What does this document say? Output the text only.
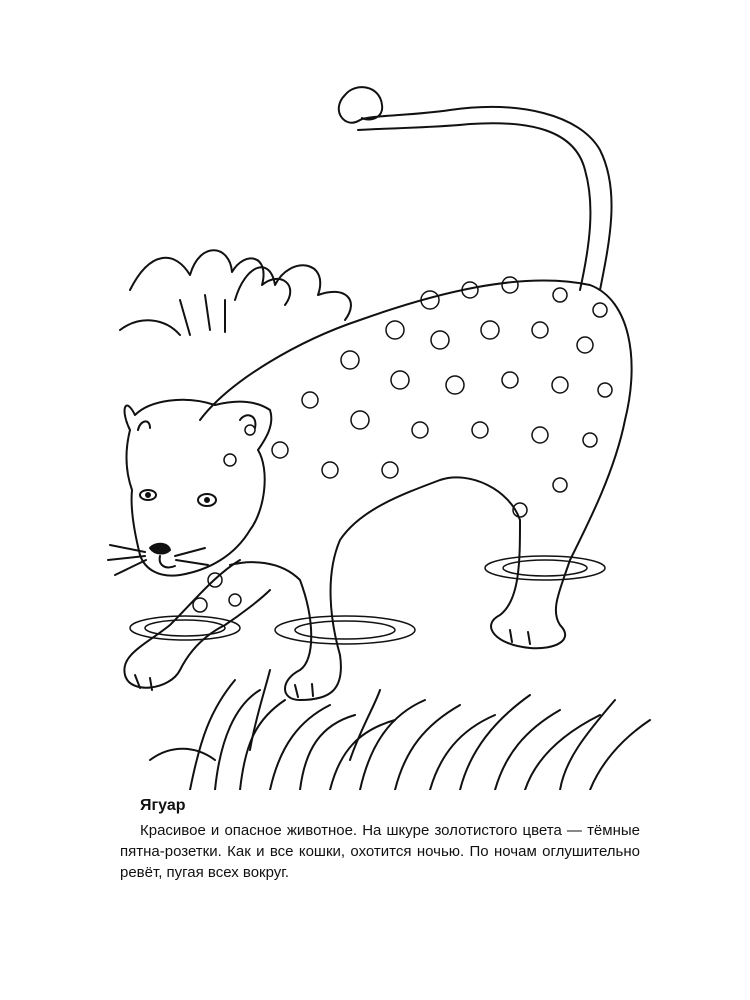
Ягуар

Красивое и опасное животное. На шкуре золотистого цвета — тёмные пятна-розетки. Как и все кошки, охотится ночью. По ночам оглушительно ревёт, пугая всех вокруг.
